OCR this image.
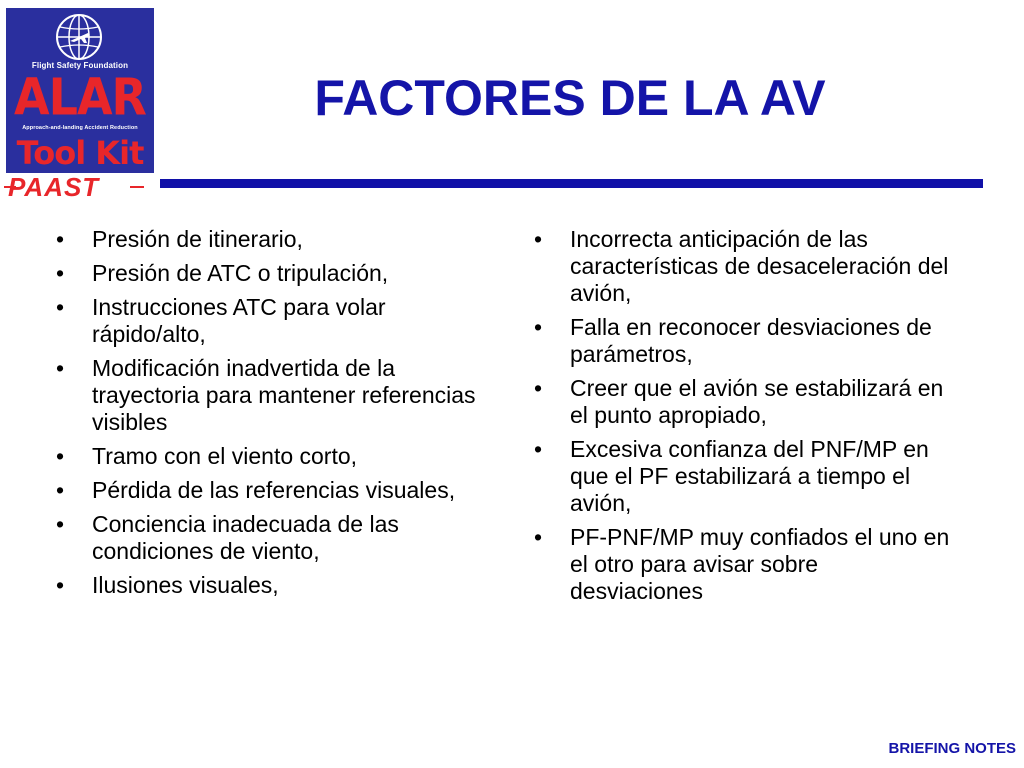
Flight Safety Foundation
ALAR
Approach-and-landing Accident Reduction
Tool Kit
PAAST
FACTORES DE LA AV
•	Presión de itinerario,
•	Presión de ATC o tripulación,
•	Instrucciones ATC para volar rápido/alto,
•	Modificación inadvertida de la trayectoria para mantener referencias visibles
•	Tramo con el viento corto,
•	Pérdida de las referencias visuales,
•	Conciencia inadecuada de las condiciones de viento,
•	Ilusiones visuales,
•	Incorrecta anticipación de las características de desaceleración del avión,
•	Falla en reconocer desviaciones de parámetros,
•	Creer que el avión se estabilizará en el punto apropiado,
•	Excesiva confianza del PNF/MP en que el PF estabilizará a tiempo el avión,
•	PF-PNF/MP muy confiados el uno en el otro para avisar sobre desviaciones
BRIEFING NOTES
